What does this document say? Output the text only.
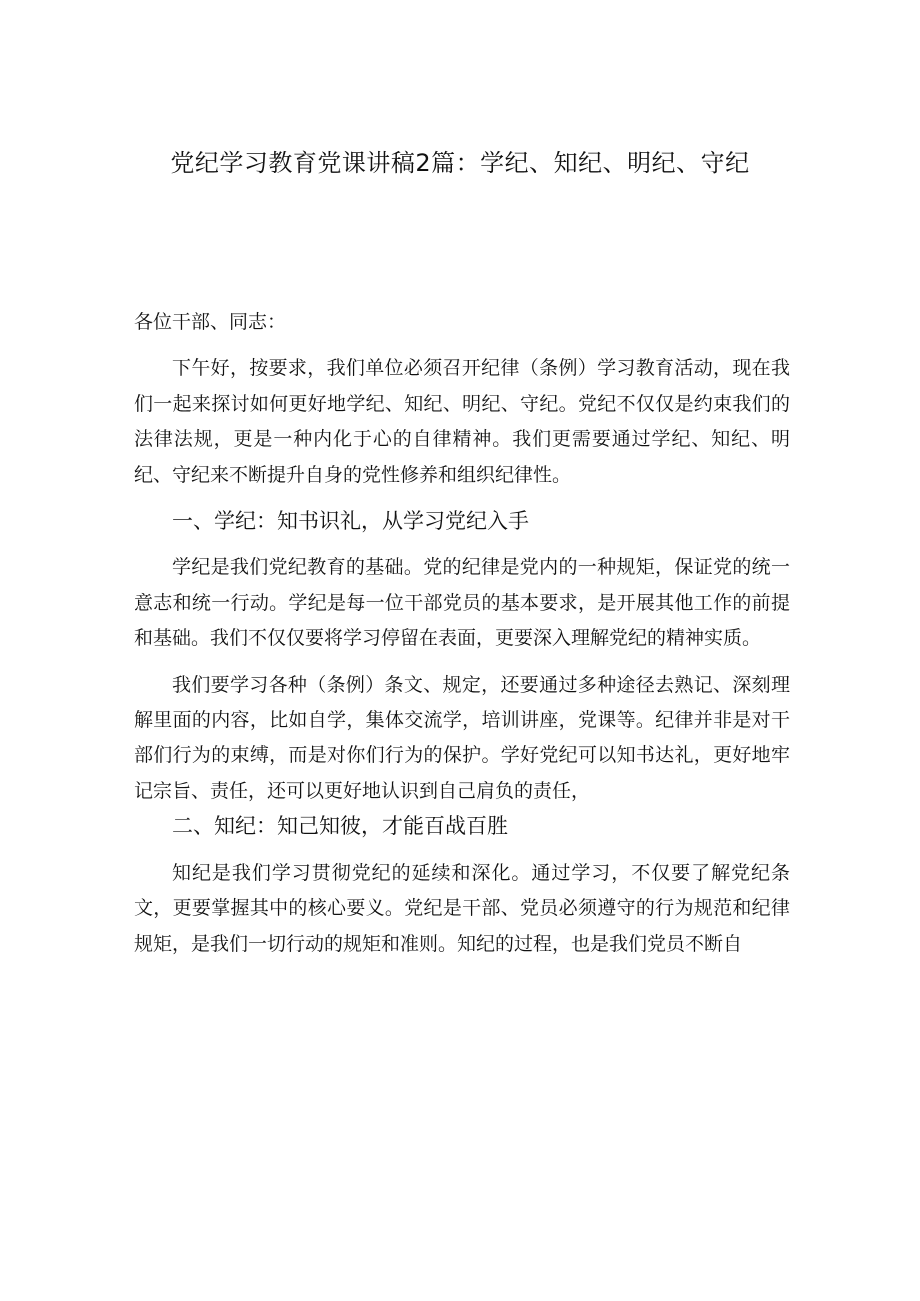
党纪学习教育党课讲稿2篇：学纪、知纪、明纪、守纪

各位干部、同志：

下午好，按要求，我们单位必须召开纪律（条例）学习教育活动，现在我们一起来探讨如何更好地学纪、知纪、明纪、守纪。党纪不仅仅是约束我们的法律法规，更是一种内化于心的自律精神。我们更需要通过学纪、知纪、明纪、守纪来不断提升自身的党性修养和组织纪律性。

一、学纪：知书识礼，从学习党纪入手

学纪是我们党纪教育的基础。党的纪律是党内的一种规矩，保证党的统一意志和统一行动。学纪是每一位干部党员的基本要求，是开展其他工作的前提和基础。我们不仅仅要将学习停留在表面，更要深入理解党纪的精神实质。

我们要学习各种（条例）条文、规定，还要通过多种途径去熟记、深刻理解里面的内容，比如自学，集体交流学，培训讲座，党课等。纪律并非是对干部们行为的束缚，而是对你们行为的保护。学好党纪可以知书达礼，更好地牢记宗旨、责任，还可以更好地认识到自己肩负的责任，

二、知纪：知己知彼，才能百战百胜

知纪是我们学习贯彻党纪的延续和深化。通过学习，不仅要了解党纪条文，更要掌握其中的核心要义。党纪是干部、党员必须遵守的行为规范和纪律规矩，是我们一切行动的规矩和准则。知纪的过程，也是我们党员不断自
